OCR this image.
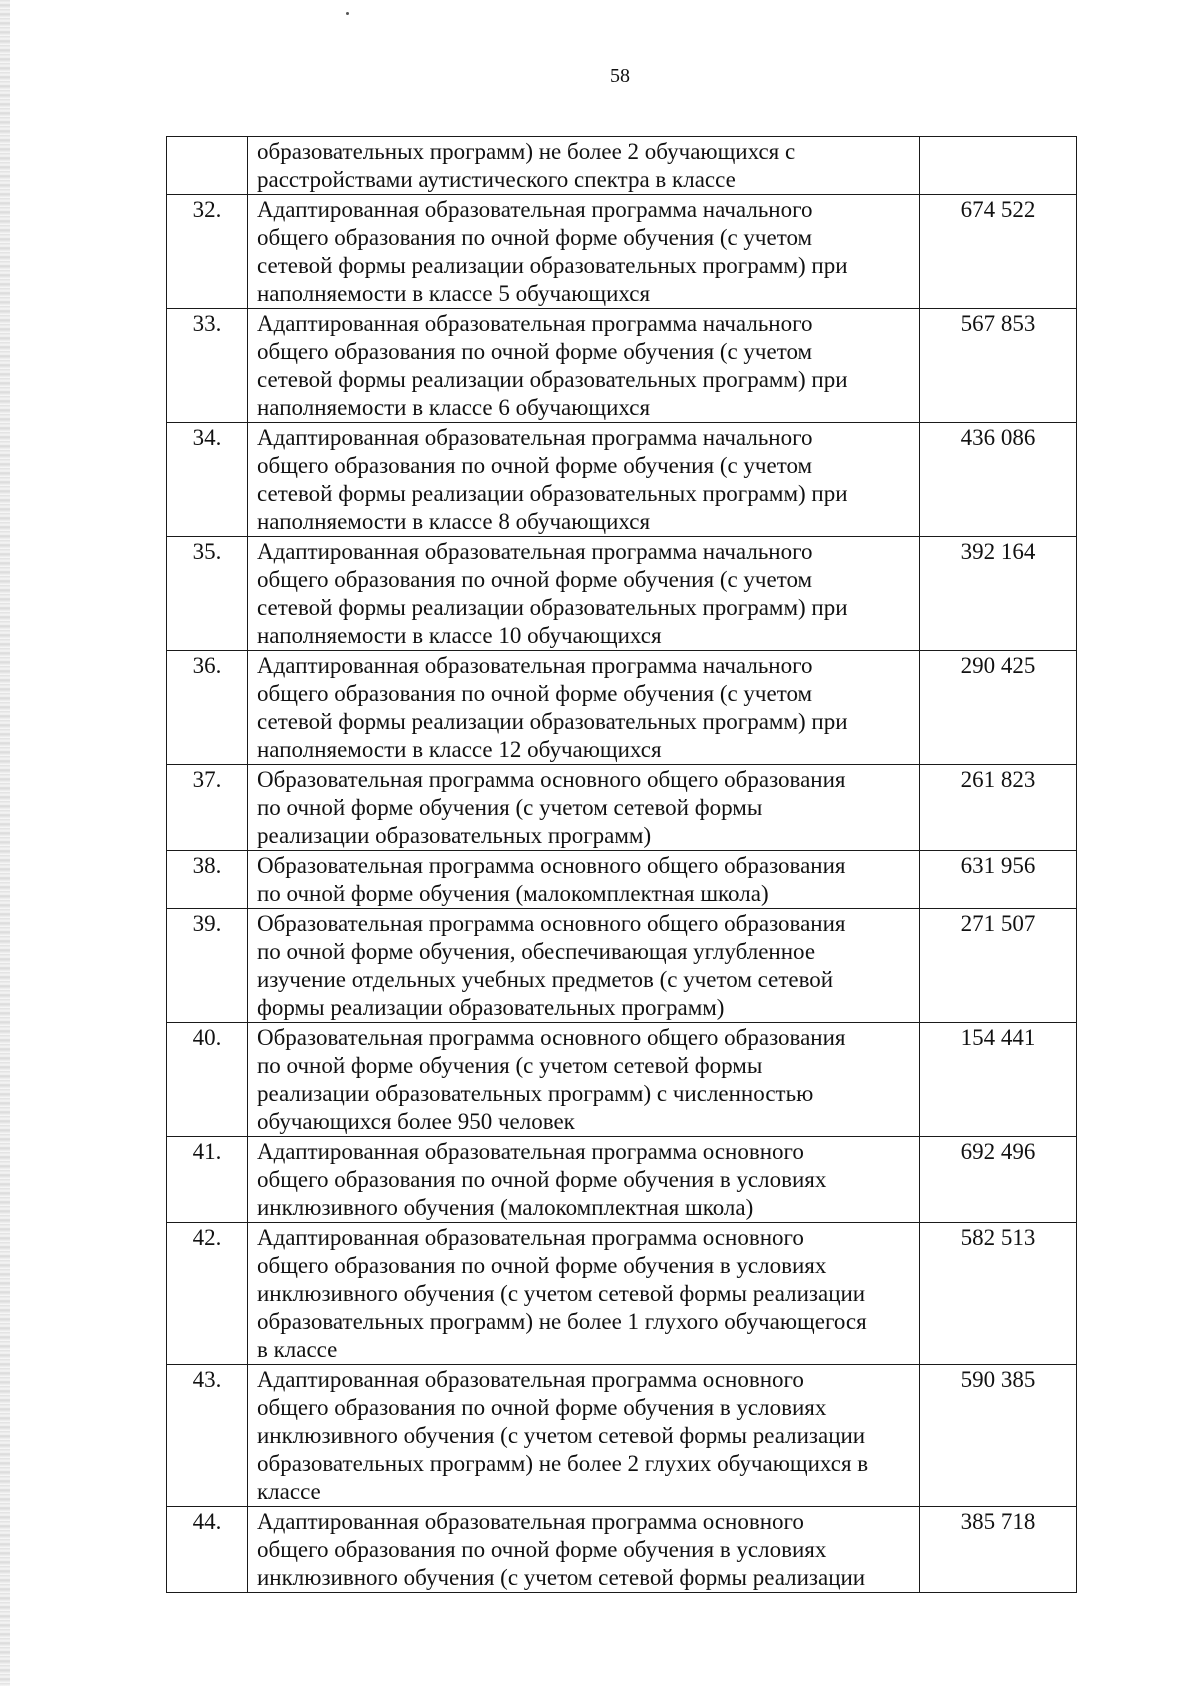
58

	образовательных программ) не более 2 обучающихся с
расстройствами аутистического спектра в классе	

32.	Адаптированная образовательная программа начального
общего образования по очной форме обучения (с учетом
сетевой формы реализации образовательных программ) при
наполняемости в классе 5 обучающихся	674 522
33.	Адаптированная образовательная программа начального
общего образования по очной форме обучения (с учетом
сетевой формы реализации образовательных программ) при
наполняемости в классе 6 обучающихся	567 853
34.	Адаптированная образовательная программа начального
общего образования по очной форме обучения (с учетом
сетевой формы реализации образовательных программ) при
наполняемости в классе 8 обучающихся	436 086
35.	Адаптированная образовательная программа начального
общего образования по очной форме обучения (с учетом
сетевой формы реализации образовательных программ) при
наполняемости в классе 10 обучающихся	392 164
36.	Адаптированная образовательная программа начального
общего образования по очной форме обучения (с учетом
сетевой формы реализации образовательных программ) при
наполняемости в классе 12 обучающихся	290 425
37.	Образовательная программа основного общего образования
по очной форме обучения (с учетом сетевой формы
реализации образовательных программ)	261 823
38.	Образовательная программа основного общего образования
по очной форме обучения (малокомплектная школа)	631 956
39.	Образовательная программа основного общего образования
по очной форме обучения, обеспечивающая углубленное
изучение отдельных учебных предметов (с учетом сетевой
формы реализации образовательных программ)	271 507
40.	Образовательная программа основного общего образования
по очной форме обучения (с учетом сетевой формы
реализации образовательных программ) с численностью
обучающихся более 950 человек	154 441
41.	Адаптированная образовательная программа основного
общего образования по очной форме обучения в условиях
инклюзивного обучения (малокомплектная школа)	692 496
42.	Адаптированная образовательная программа основного
общего образования по очной форме обучения в условиях
инклюзивного обучения (с учетом сетевой формы реализации
образовательных программ) не более 1 глухого обучающегося
в классе	582 513
43.	Адаптированная образовательная программа основного
общего образования по очной форме обучения в условиях
инклюзивного обучения (с учетом сетевой формы реализации
образовательных программ) не более 2 глухих обучающихся в
классе	590 385
44.	Адаптированная образовательная программа основного
общего образования по очной форме обучения в условиях
инклюзивного обучения (с учетом сетевой формы реализации	385 718
